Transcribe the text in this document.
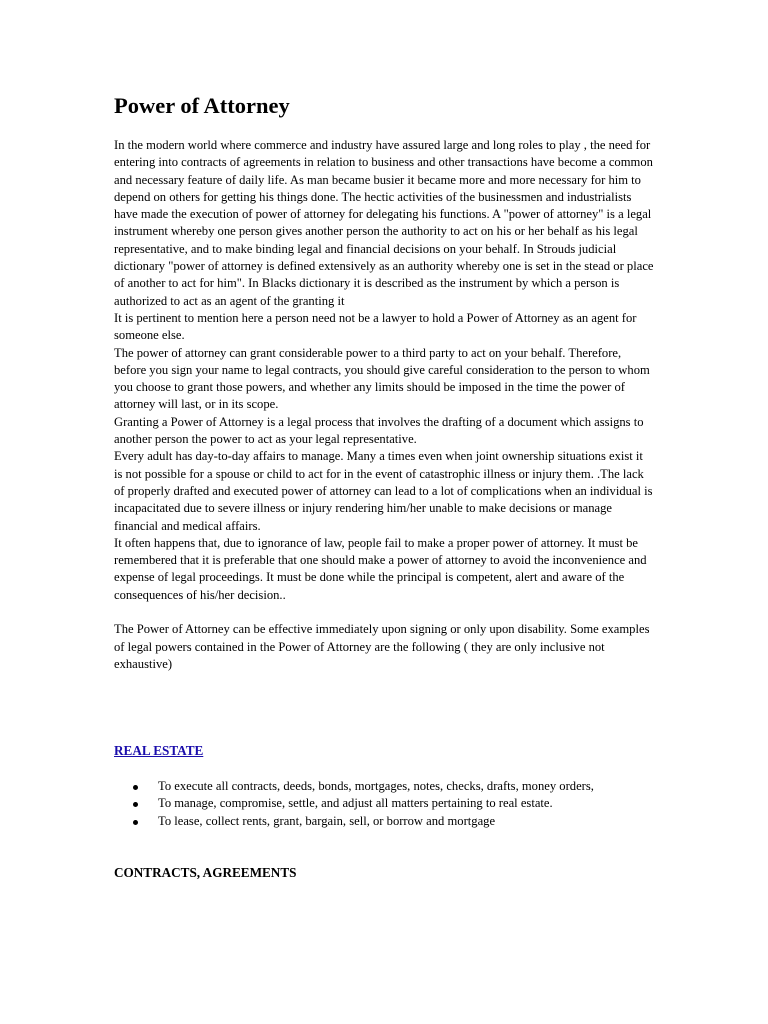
Power of Attorney

In the modern world where commerce and industry have assured large and long roles to play , the need for entering into contracts of agreements in relation to business and other transactions have become a common and necessary feature of daily life. As man became busier it became more and more necessary for him to depend on others for getting his things done. The hectic activities of the businessmen and industrialists have made the execution of power of attorney for delegating his functions. A "power of attorney" is a legal instrument whereby one person gives another person the authority to act on his or her behalf as his legal representative, and to make binding legal and financial decisions on your behalf. In Strouds judicial dictionary "power of attorney is defined extensively as an authority whereby one is set in the stead or place of another to act for him". In Blacks dictionary it is described as the instrument by which a person is authorized to act as an agent of the granting it

It is pertinent to mention here a person need not be a lawyer to hold a Power of Attorney as an agent for someone else.

The power of attorney can grant considerable power to a third party to act on your behalf. Therefore, before you sign your name to legal contracts, you should give careful consideration to the person to whom you choose to grant those powers, and whether any limits should be imposed in the time the power of attorney will last, or in its scope.

Granting a Power of Attorney is a legal process that involves the drafting of a document which assigns to another person the power to act as your legal representative.

Every adult has day-to-day affairs to manage. Many a times even when joint ownership situations exist it is not possible for a spouse or child to act for in the event of catastrophic illness or injury them. .The lack of properly drafted and executed power of attorney can lead to a lot of complications when an individual is incapacitated due to severe illness or injury rendering him/her unable to make decisions or manage financial and medical affairs.

It often happens that, due to ignorance of law, people fail to make a proper power of attorney. It must be remembered that it is preferable that one should make a power of attorney to avoid the inconvenience and expense of legal proceedings. It must be done while the principal is competent, alert and aware of the consequences of his/her decision..

The Power of Attorney can be effective immediately upon signing or only upon disability. Some examples of legal powers contained in the Power of Attorney are the following ( they are only inclusive not exhaustive)

REAL ESTATE
To execute all contracts, deeds, bonds, mortgages, notes, checks, drafts, money orders,
To manage, compromise, settle, and adjust all matters pertaining to real estate.
To lease, collect rents, grant, bargain, sell, or borrow and mortgage
CONTRACTS, AGREEMENTS
